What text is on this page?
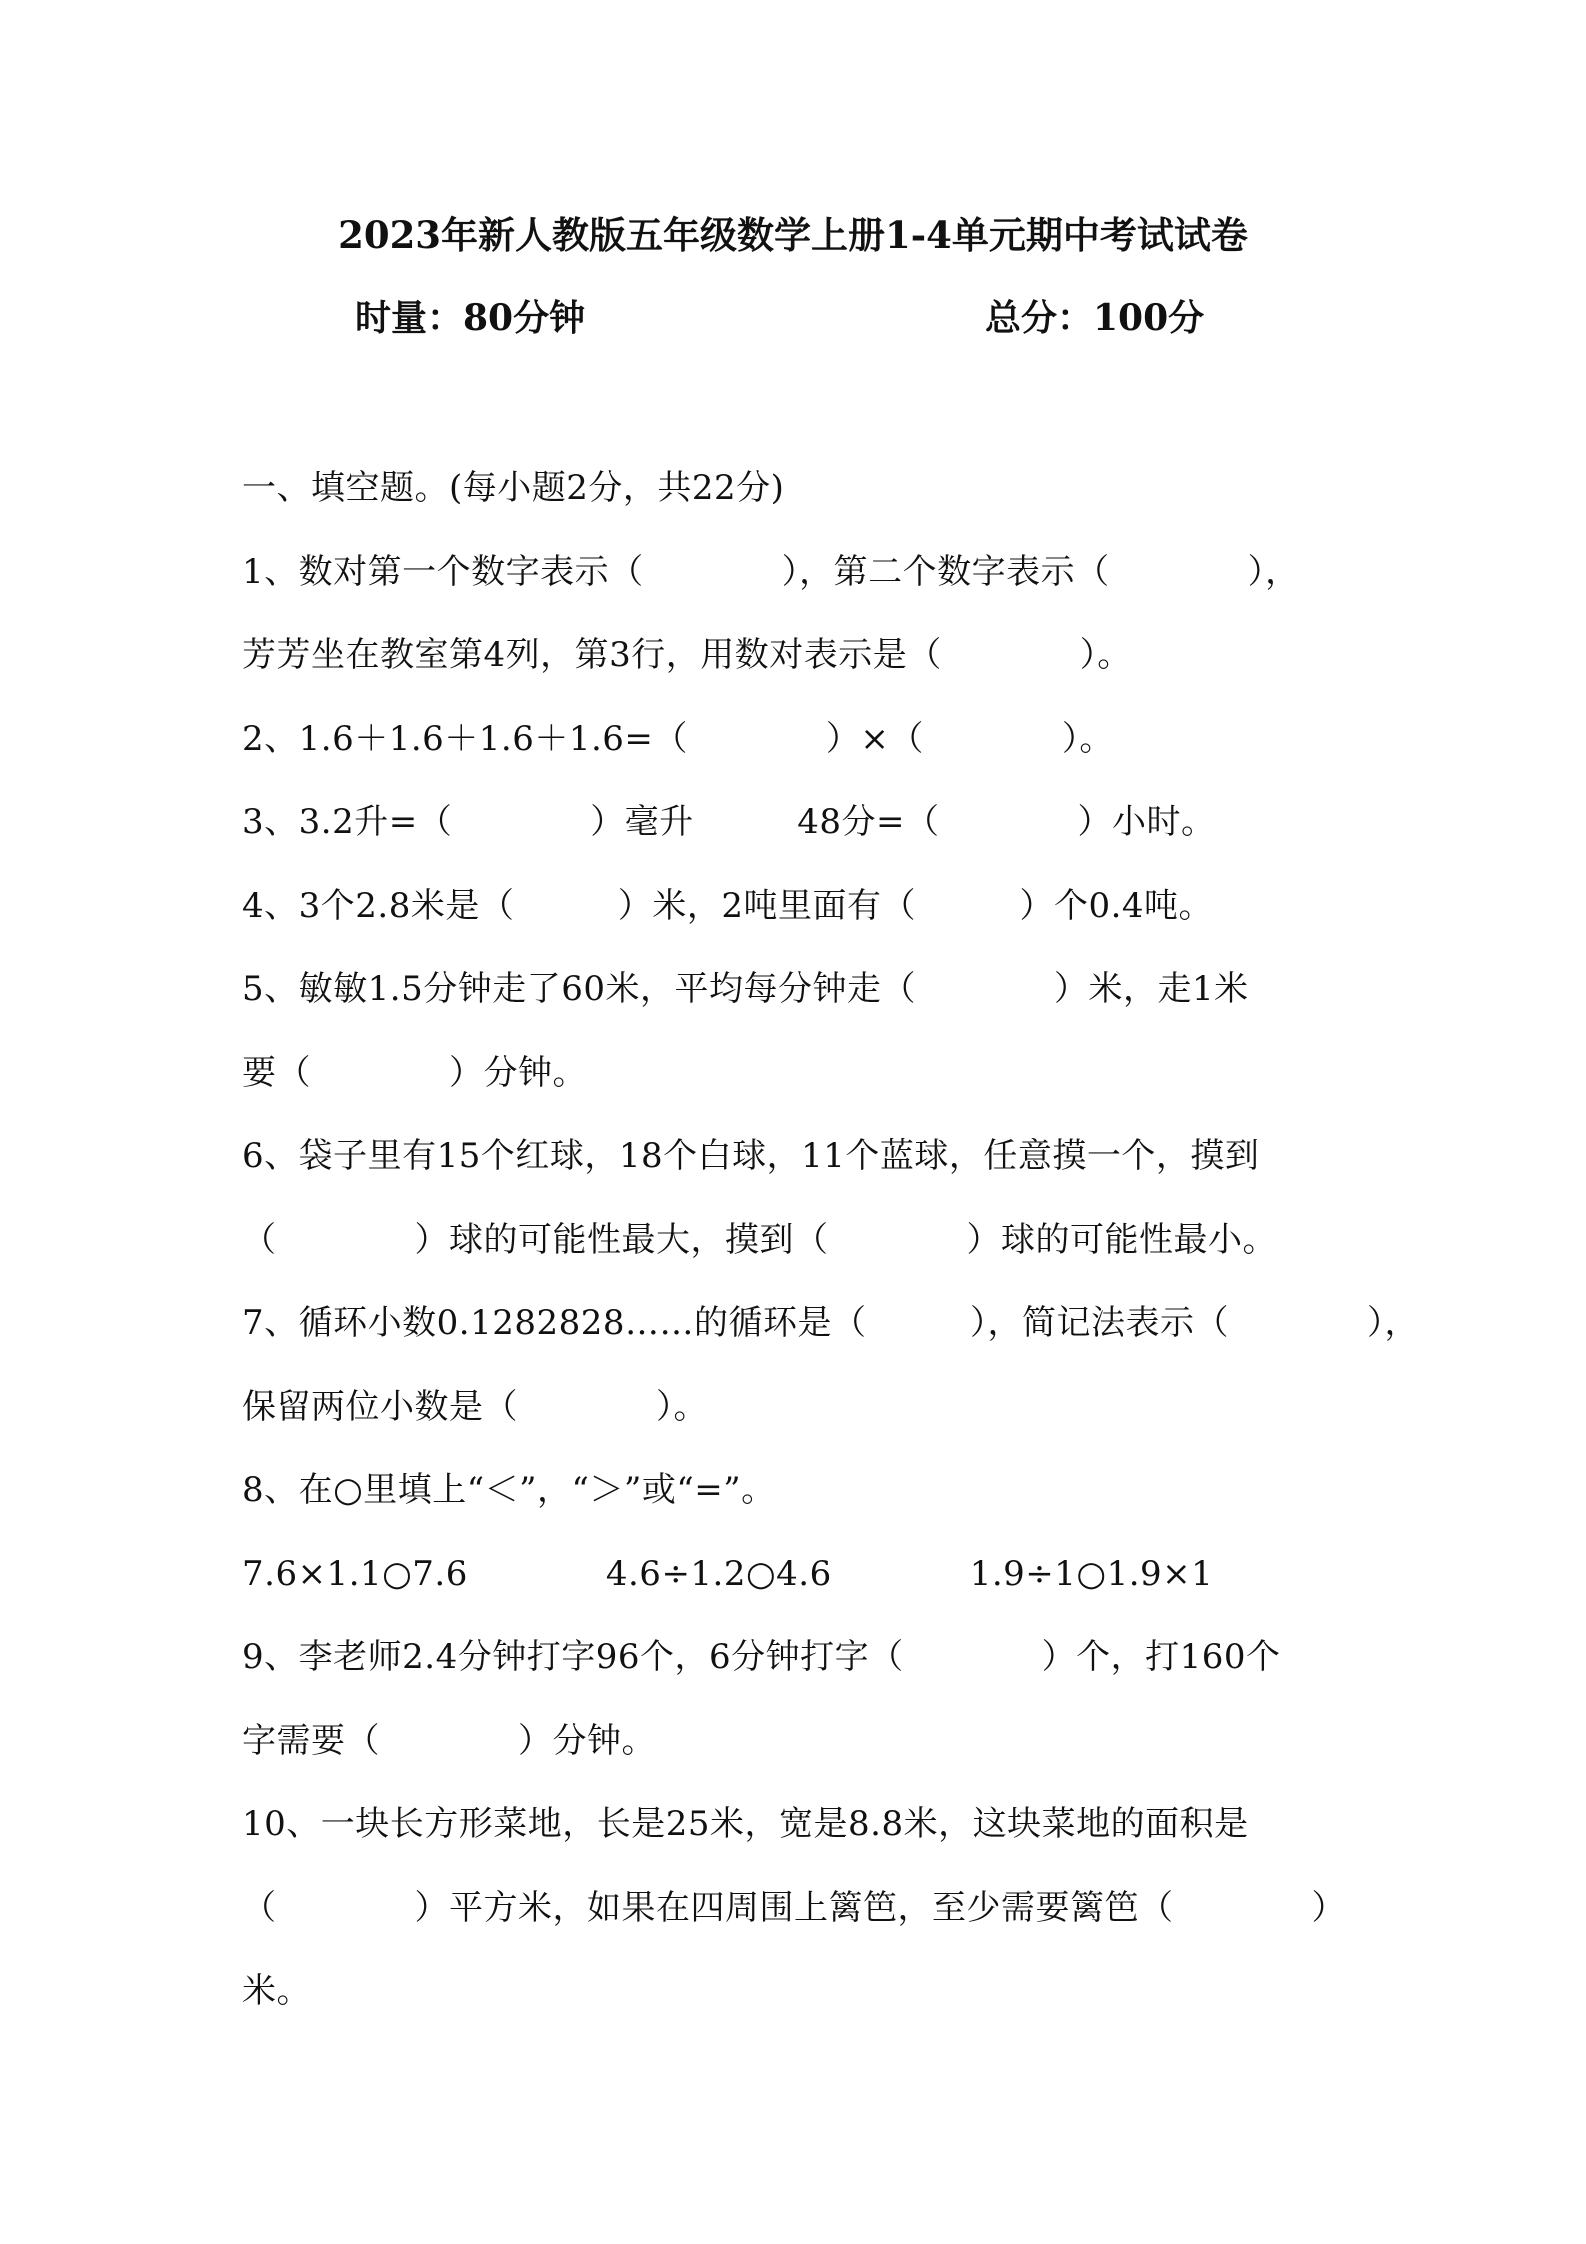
2023年新人教版五年级数学上册1-4单元期中考试试卷
时量：80分钟	总分：100分
一、填空题。(每小题2分，共22分)
1、数对第一个数字表示（　　　　），第二个数字表示（　　　　），
芳芳坐在教室第4列，第3行，用数对表示是（　　　　）。
2、1.6＋1.6＋1.6＋1.6=（　　　　）×（　　　　）。
3、3.2升=（　　　　）毫升　　　48分=（　　　　）小时。
4、3个2.8米是（　　　）米，2吨里面有（　　　）个0.4吨。
5、敏敏1.5分钟走了60米，平均每分钟走（　　　　）米，走1米
要（　　　　）分钟。
6、袋子里有15个红球，18个白球，11个蓝球，任意摸一个，摸到
（　　　　）球的可能性最大，摸到（　　　　）球的可能性最小。
7、循环小数0.1282828……的循环是（　　　），简记法表示（　　　　），
保留两位小数是（　　　　）。
8、在○里填上“＜”，“＞”或“=”。
7.6×1.1○7.6　　　　4.6÷1.2○4.6　　　　1.9÷1○1.9×1
9、李老师2.4分钟打字96个，6分钟打字（　　　　）个，打160个
字需要（　　　　）分钟。
10、一块长方形菜地，长是25米，宽是8.8米，这块菜地的面积是
（　　　　）平方米，如果在四周围上篱笆，至少需要篱笆（　　　　）
米。
